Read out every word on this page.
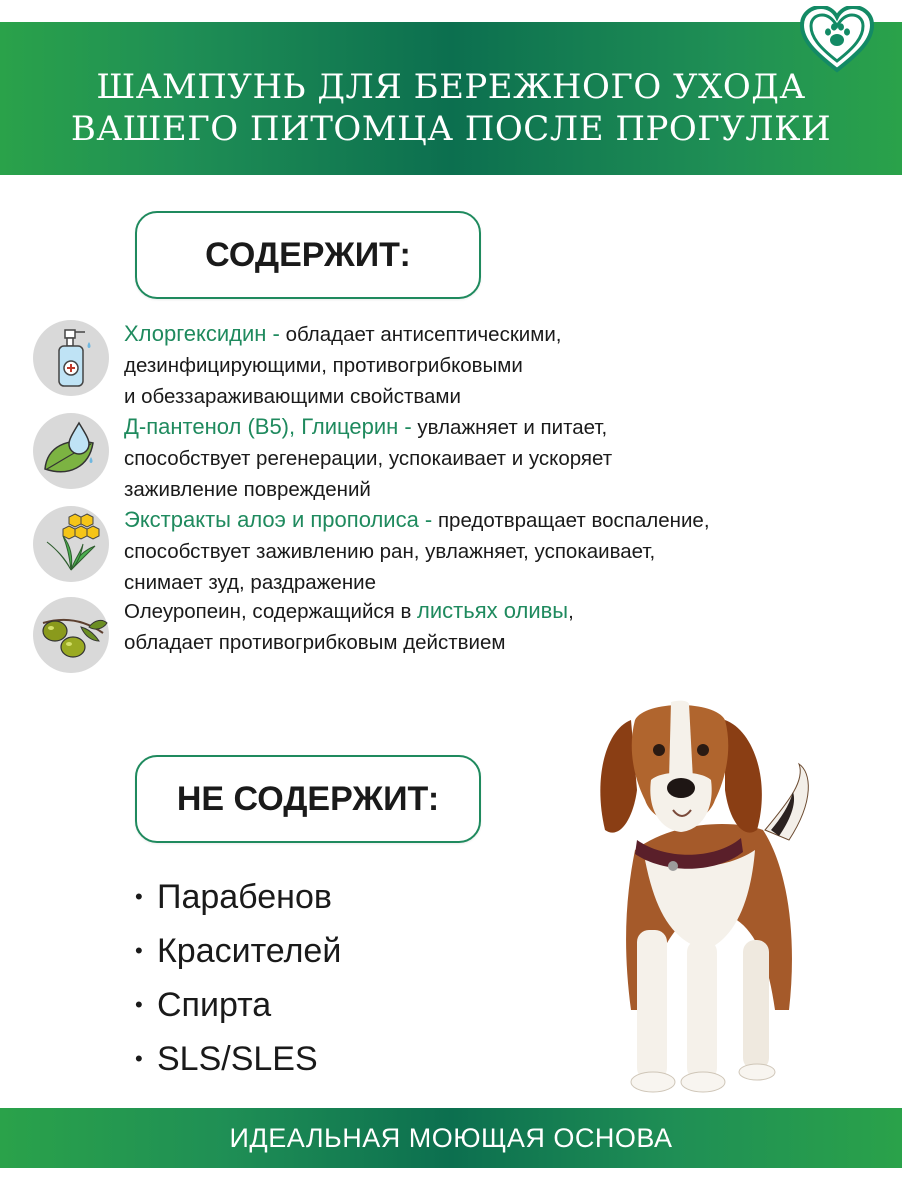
ШАМПУНЬ ДЛЯ БЕРЕЖНОГО УХОДА
ВАШЕГО ПИТОМЦА ПОСЛЕ ПРОГУЛКИ
СОДЕРЖИТ:
Хлоргексидин - обладает антисептическими,
дезинфицирующими, противогрибковыми
и обеззараживающими свойствами
Д-пантенол (В5), Глицерин - увлажняет и питает,
способствует регенерации, успокаивает и ускоряет
заживление повреждений
Экстракты алоэ и прополиса - предотвращает воспаление,
способствует заживлению ран, увлажняет, успокаивает,
снимает зуд, раздражение
Олеуропеин, содержащийся в листьях оливы,
обладает противогрибковым действием
НЕ СОДЕРЖИТ:
• Парабенов
• Красителей
• Спирта
• SLS/SLES
ИДЕАЛЬНАЯ МОЮЩАЯ ОСНОВА
